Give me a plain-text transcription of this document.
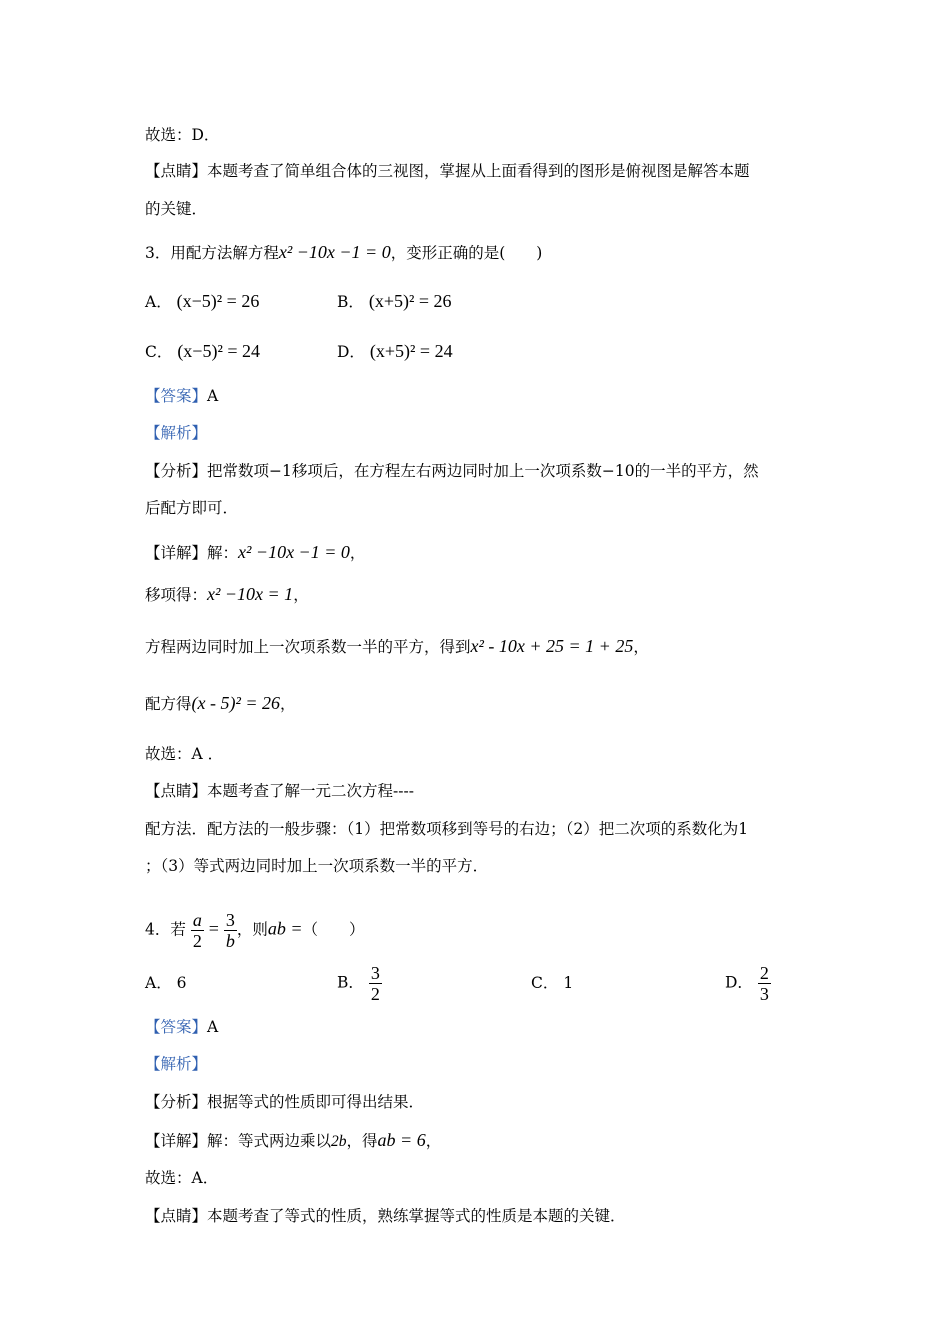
故选：D．
【点睛】本题考查了简单组合体的三视图，掌握从上面看得到的图形是俯视图是解答本题
的关键．
3．用配方法解方程x² −10x −1 = 0，变形正确的是(　　)
A． (x−5)² = 26	B． (x+5)² = 26
C． (x−5)² = 24	D． (x+5)² = 24
【答案】A
【解析】
【分析】把常数项−1移项后，在方程左右两边同时加上一次项系数−10的一半的平方，然
后配方即可．
【详解】解：x² −10x −1 = 0，
移项得：x² −10x = 1，
方程两边同时加上一次项系数一半的平方，得到x² - 10x + 25 = 1 + 25，
配方得(x - 5)² = 26，
故选：A ．
【点睛】本题考查了解一元二次方程----
配方法．配方法的一般步骤：（1）把常数项移到等号的右边；（2）把二次项的系数化为1
；（3）等式两边同时加上一次项系数一半的平方．
4．若 $\frac{a}{2} = \frac{3}{b}$ ，则ab =（　　）
A． 6	B． $\frac{3}{2}$	C． 1	D． $\frac{2}{3}$
【答案】A
【解析】
【分析】根据等式的性质即可得出结果．
【详解】解：等式两边乘以2b，得ab = 6，
故选：A．
【点睛】本题考查了等式的性质，熟练掌握等式的性质是本题的关键．
